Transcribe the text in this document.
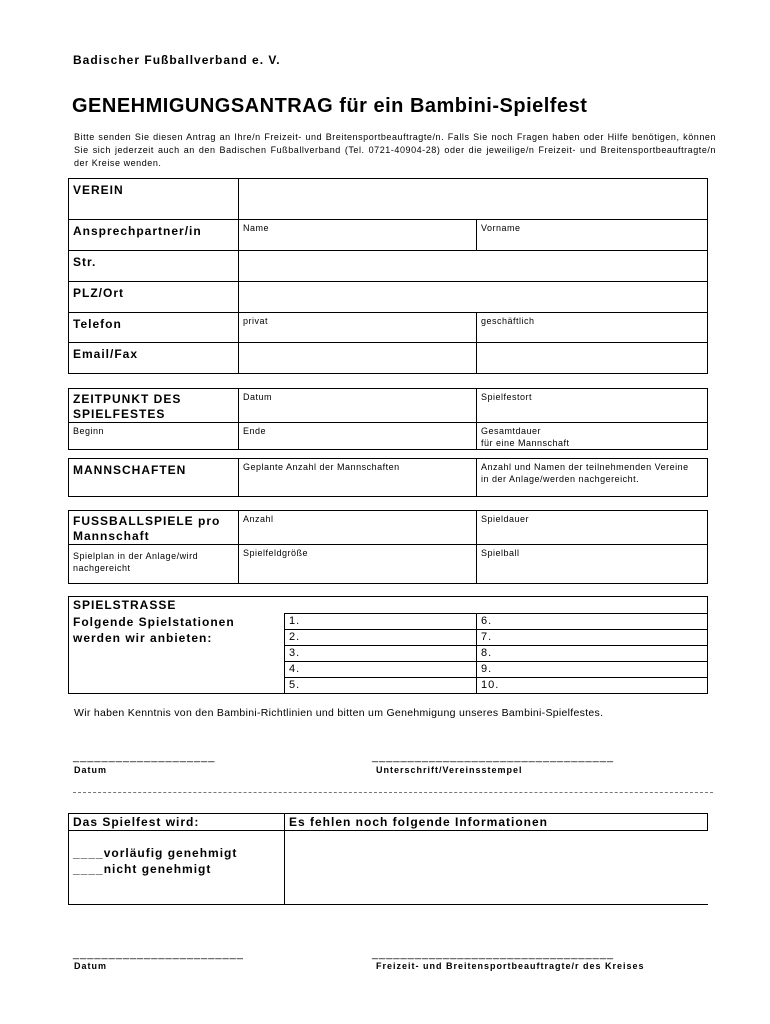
Badischer Fußballverband e. V.
GENEHMIGUNGSANTRAG für ein Bambini-Spielfest
Bitte senden Sie diesen Antrag an Ihre/n Freizeit- und Breitensportbeauftragte/n. Falls Sie noch Fragen haben oder Hilfe benötigen, können Sie sich jederzeit auch an den Badischen Fußballverband (Tel. 0721-40904-28) oder die jeweilige/n Freizeit- und Breitensportbeauftragte/n der Kreise wenden.
VEREIN		
Ansprechpartner/in	Name	Vorname
Str.		
PLZ/Ort		
Telefon	privat	geschäftlich
Email/Fax		
ZEITPUNKT DES SPIELFESTES	Datum	Spielfestort
Beginn	Ende	Gesamtdauer
für eine Mannschaft
MANNSCHAFTEN	Geplante Anzahl der Mannschaften	Anzahl und Namen der teilnehmenden Vereine in der Anlage/werden nachgereicht.
FUSSBALLSPIELE pro Mannschaft	Anzahl	Spieldauer
Spielplan in der Anlage/wird nachgereicht	Spielfeldgröße	Spielball
SPIELSTRASSE		
Folgende Spielstationen werden wir anbieten:	1.	6.
	2.	7.
	3.	8.
	4.	9.
	5.	10.
Wir haben Kenntnis von den Bambini-Richtlinien und bitten um Genehmigung unseres Bambini-Spielfestes.
____________________
Datum
__________________________________
Unterschrift/Vereinsstempel
Das Spielfest wird:	Es fehlen noch folgende Informationen

____vorläufig genehmigt
____nicht genehmigt	

________________________
Datum
__________________________________
Freizeit- und Breitensportbeauftragte/r des Kreises
